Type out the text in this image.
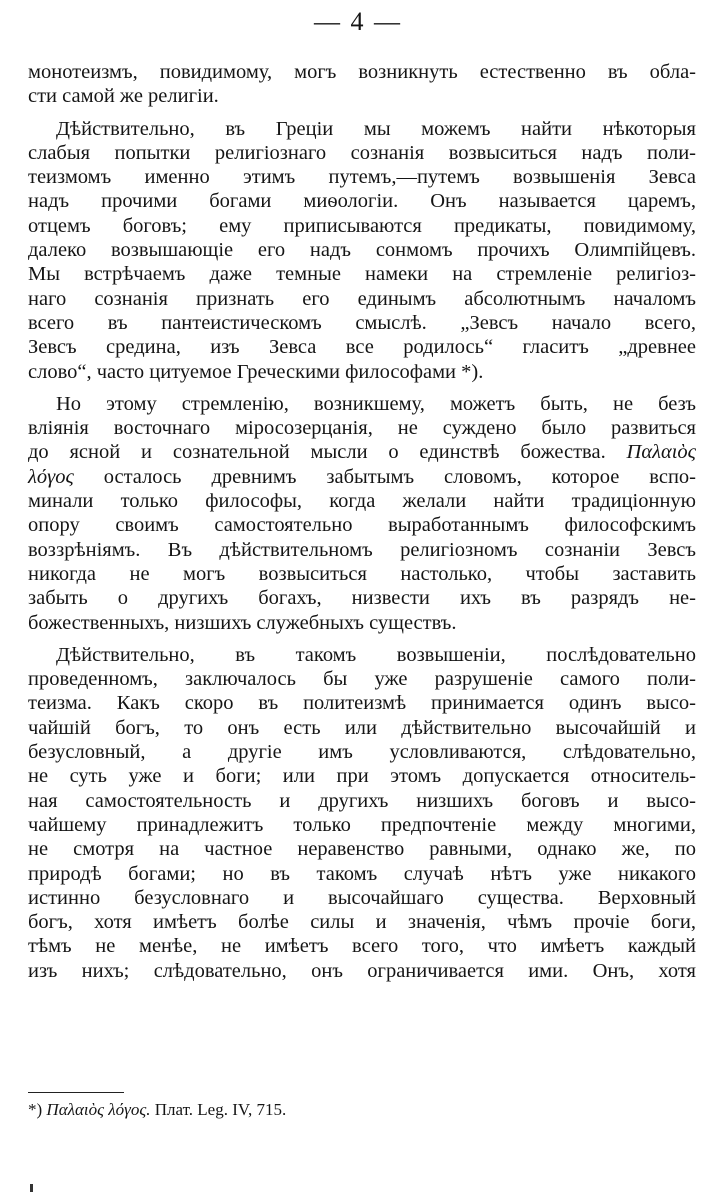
— 4 —
монотеизмъ, повидимому, могъ возникнуть естественно въ обла-
сти самой же религіи.
Дѣйствительно, въ Греціи мы можемъ найти нѣкоторыя
слабыя попытки религіознаго сознанія возвыситься надъ поли-
теизмомъ именно этимъ путемъ,—путемъ возвышенія Зевса
надъ прочими богами миѳологіи. Онъ называется царемъ,
отцемъ боговъ; ему приписываются предикаты, повидимому,
далеко возвышающіе его надъ сонмомъ прочихъ Олимпійцевъ.
Мы встрѣчаемъ даже темные намеки на стремленіе религіоз-
наго сознанія признать его единымъ абсолютнымъ началомъ
всего въ пантеистическомъ смыслѣ. „Зевсъ начало всего,
Зевсъ средина, изъ Зевса все родилось“ гласитъ „древнее
слово“, часто цитуемое Греческими философами *).
Но этому стремленію, возникшему, можетъ быть, не безъ
вліянія восточнаго міросозерцанія, не суждено было развиться
до ясной и сознательной мысли о единствѣ божества. Παλαιὸς
λόγος осталось древнимъ забытымъ словомъ, которое вспо-
минали только философы, когда желали найти традиціонную
опору своимъ самостоятельно выработаннымъ философскимъ
воззрѣніямъ. Въ дѣйствительномъ религіозномъ сознаніи Зевсъ
никогда не могъ возвыситься настолько, чтобы заставить
забыть о другихъ богахъ, низвести ихъ въ разрядъ не-
божественныхъ, низшихъ служебныхъ существъ.
Дѣйствительно, въ такомъ возвышеніи, послѣдовательно
проведенномъ, заключалось бы уже разрушеніе самого поли-
теизма. Какъ скоро въ политеизмѣ принимается одинъ высо-
чайшій богъ, то онъ есть или дѣйствительно высочайшій и
безусловный, а другіе имъ условливаются, слѣдовательно,
не суть уже и боги; или при этомъ допускается относитель-
ная самостоятельность и другихъ низшихъ боговъ и высо-
чайшему принадлежитъ только предпочтеніе между многими,
не смотря на частное неравенство равными, однако же, по
природѣ богами; но въ такомъ случаѣ нѣтъ уже никакого
истинно безусловнаго и высочайшаго существа. Верховный
богъ, хотя имѣетъ болѣе силы и значенія, чѣмъ прочіе боги,
тѣмъ не менѣе, не имѣетъ всего того, что имѣетъ каждый
изъ нихъ; слѣдовательно, онъ ограничивается ими. Онъ, хотя
*) Παλαιὸς λόγος. Плат. Leg. IV, 715.
